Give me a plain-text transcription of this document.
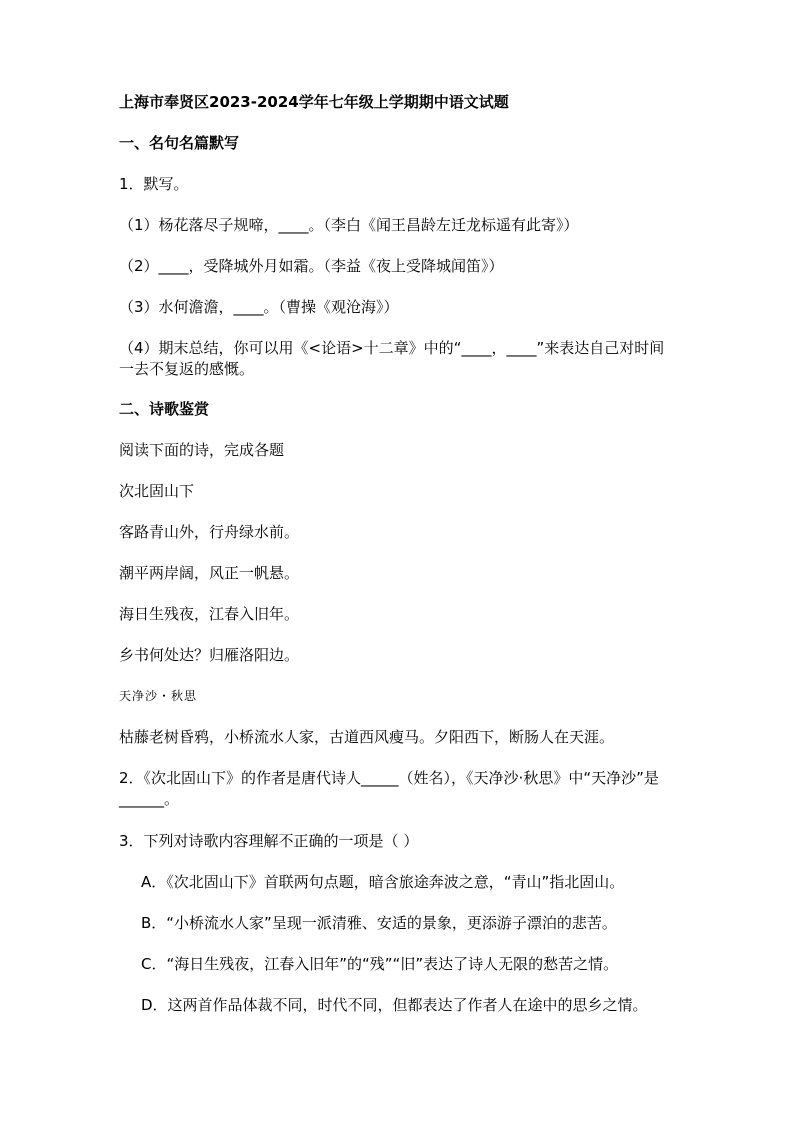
上海市奉贤区2023-2024学年七年级上学期期中语文试题

一、名句名篇默写

1．默写。

（1）杨花落尽子规啼，____。（李白《闻王昌龄左迁龙标遥有此寄》）

（2）____，受降城外月如霜。（李益《夜上受降城闻笛》）

（3）水何澹澹，____。（曹操《观沧海》）

（4）期末总结，你可以用《<论语>十二章》中的“____，____”来表达自己对时间一去不复返的感慨。

二、诗歌鉴赏

阅读下面的诗，完成各题

次北固山下

客路青山外，行舟绿水前。

潮平两岸阔，风正一帆悬。

海日生残夜，江春入旧年。

乡书何处达？归雁洛阳边。

天净沙・秋思

枯藤老树昏鸦，小桥流水人家，古道西风瘦马。夕阳西下，断肠人在天涯。

2．《次北固山下》的作者是唐代诗人_____（姓名），《天净沙·秋思》中“天净沙”是______。

3．下列对诗歌内容理解不正确的一项是（ ）

A．《次北固山下》首联两句点题，暗含旅途奔波之意，“青山”指北固山。

B．“小桥流水人家”呈现一派清雅、安适的景象，更添游子漂泊的悲苦。

C．“海日生残夜，江春入旧年”的“残”“旧”表达了诗人无限的愁苦之情。

D．这两首作品体裁不同，时代不同，但都表达了作者人在途中的思乡之情。
